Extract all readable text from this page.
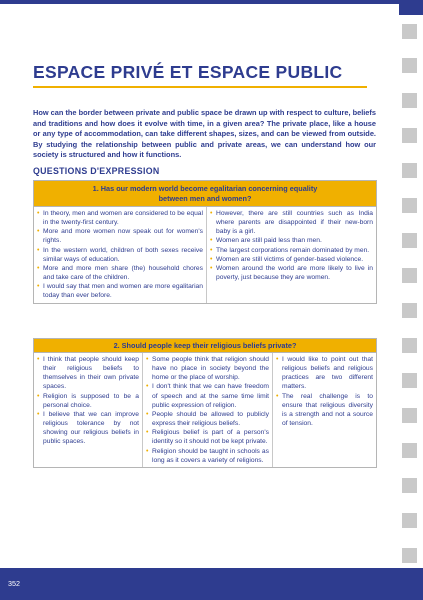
ESPACE PRIVÉ ET ESPACE PUBLIC
How can the border between private and public space be drawn up with respect to culture, beliefs and traditions and how does it evolve with time, in a given area? The private place, like a house or any type of accommodation, can take different shapes, sizes, and can be viewed from outside. By studying the relationship between public and private areas, we can understand how our society is structured and how it functions.
QUESTIONS D'EXPRESSION
1. Has our modern world become egalitarian concerning equality between men and women?
• In theory, men and women are considered to be equal in the twenty-first century.
• More and more women now speak out for women's rights.
• In the western world, children of both sexes receive similar ways of education.
• More and more men share (the) household chores and take care of the children.
• I would say that men and women are more egalitarian today than ever before.
• However, there are still countries such as India where parents are disappointed if their new-born baby is a girl.
• Women are still paid less than men.
• The largest corporations remain dominated by men.
• Women are still victims of gender-based violence.
• Women around the world are more likely to live in poverty, just because they are women.
2. Should people keep their religious beliefs private?
• I think that people should keep their religious beliefs to themselves in their own private spaces.
• Religion is supposed to be a personal choice.
• I believe that we can improve religious tolerance by not showing our religious beliefs in public spaces.
• Some people think that religion should have no place in society beyond the home or the place of worship.
• I don't think that we can have freedom of speech and at the same time limit public expression of religion.
• People should be allowed to publicly express their religious beliefs.
• Religious belief is part of a person's identity so it should not be kept private.
• Religion should be taught in schools as long as it covers a variety of religions.
• I would like to point out that religious beliefs and religious practices are two different matters.
• The real challenge is to ensure that religious diversity is a strength and not a source of tension.
352
